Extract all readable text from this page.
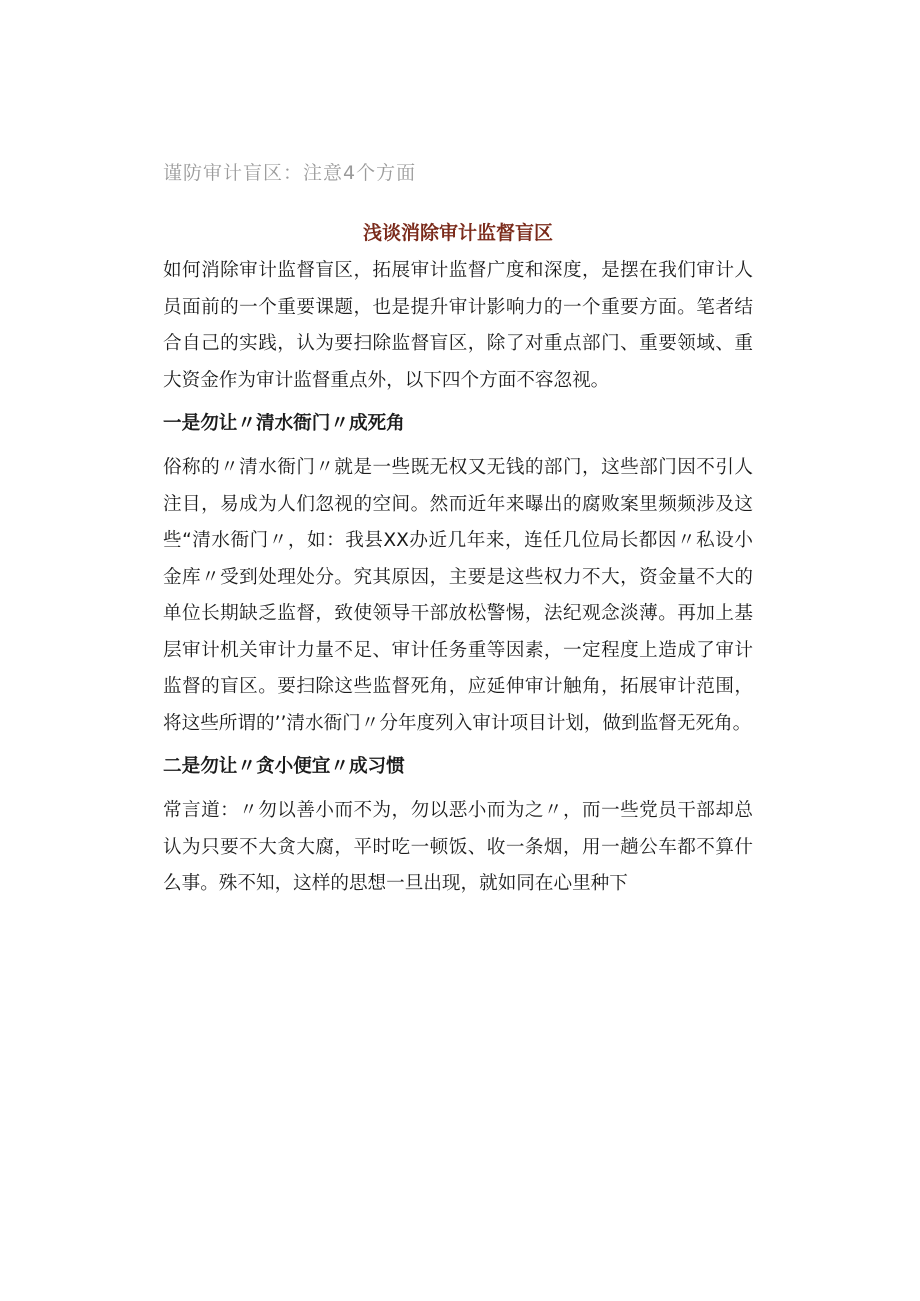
谨防审计盲区：注意4个方面
浅谈消除审计监督盲区

如何消除审计监督盲区，拓展审计监督广度和深度，是摆在我们审计人员面前的一个重要课题，也是提升审计影响力的一个重要方面。笔者结合自己的实践，认为要扫除监督盲区，除了对重点部门、重要领域、重大资金作为审计监督重点外，以下四个方面不容忽视。

一是勿让〃清水衙门〃成死角

俗称的〃清水衙门〃就是一些既无权又无钱的部门，这些部门因不引人注目，易成为人们忽视的空间。然而近年来曝出的腐败案里频频涉及这些“清水衙门〃，如：我县XX办近几年来，连任几位局长都因〃私设小金库〃受到处理处分。究其原因，主要是这些权力不大，资金量不大的单位长期缺乏监督，致使领导干部放松警惕，法纪观念淡薄。再加上基层审计机关审计力量不足、审计任务重等因素，一定程度上造成了审计监督的盲区。要扫除这些监督死角，应延伸审计触角，拓展审计范围，将这些所谓的’’清水衙门〃分年度列入审计项目计划，做到监督无死角。

二是勿让〃贪小便宜〃成习惯

常言道：〃勿以善小而不为，勿以恶小而为之〃，而一些党员干部却总认为只要不大贪大腐，平时吃一顿饭、收一条烟，用一趟公车都不算什么事。殊不知，这样的思想一旦出现，就如同在心里种下
